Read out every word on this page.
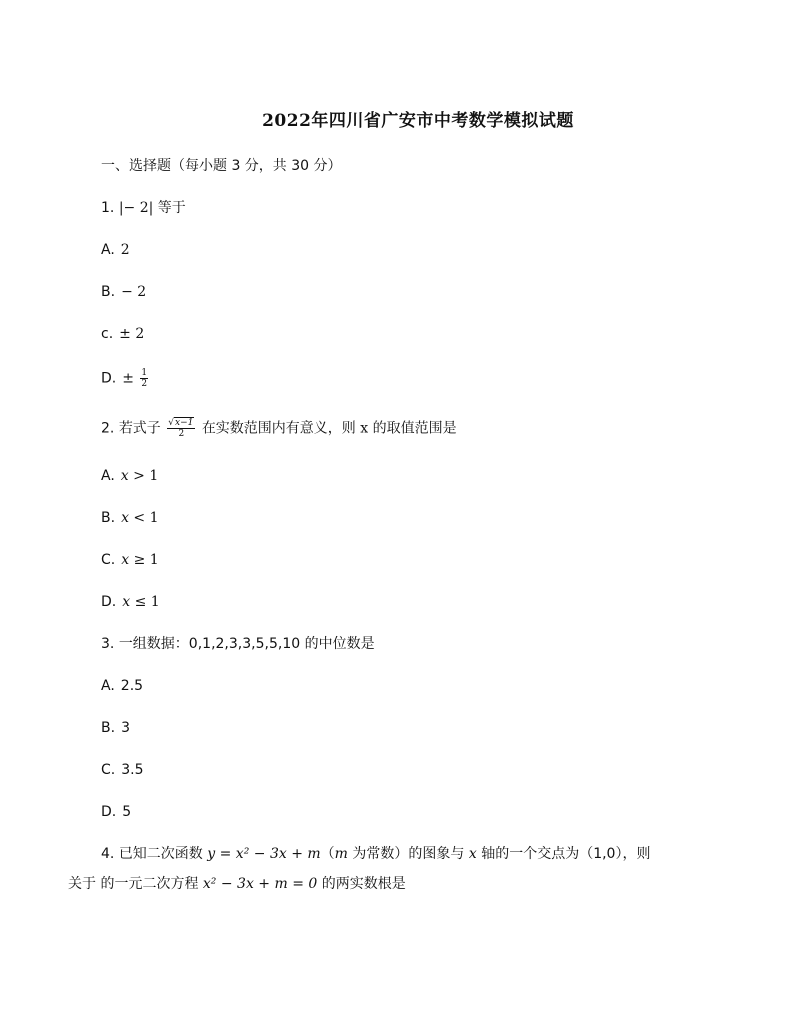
2022年四川省广安市中考数学模拟试题
一、选择题（每小题 3 分，共 30 分）
1. |− 2| 等于
A. 2
B. − 2
c. ± 2
D. ± $\frac{1}{2}$
2. 若式子 $\frac{√x-1}{2}$ 在实数范围内有意义，则 x 的取值范围是
A. x > 1
B. x < 1
C. x ≥ 1
D. x ≤ 1
3. 一组数据：0,1,2,3,3,5,5,10 的中位数是
A. 2.5
B. 3
C. 3.5
D. 5
4. 已知二次函数 y = x² − 3x + m（m 为常数）的图象与 x 轴的一个交点为（1,0），则
关于 的一元二次方程 x² − 3x + m = 0 的两实数根是
